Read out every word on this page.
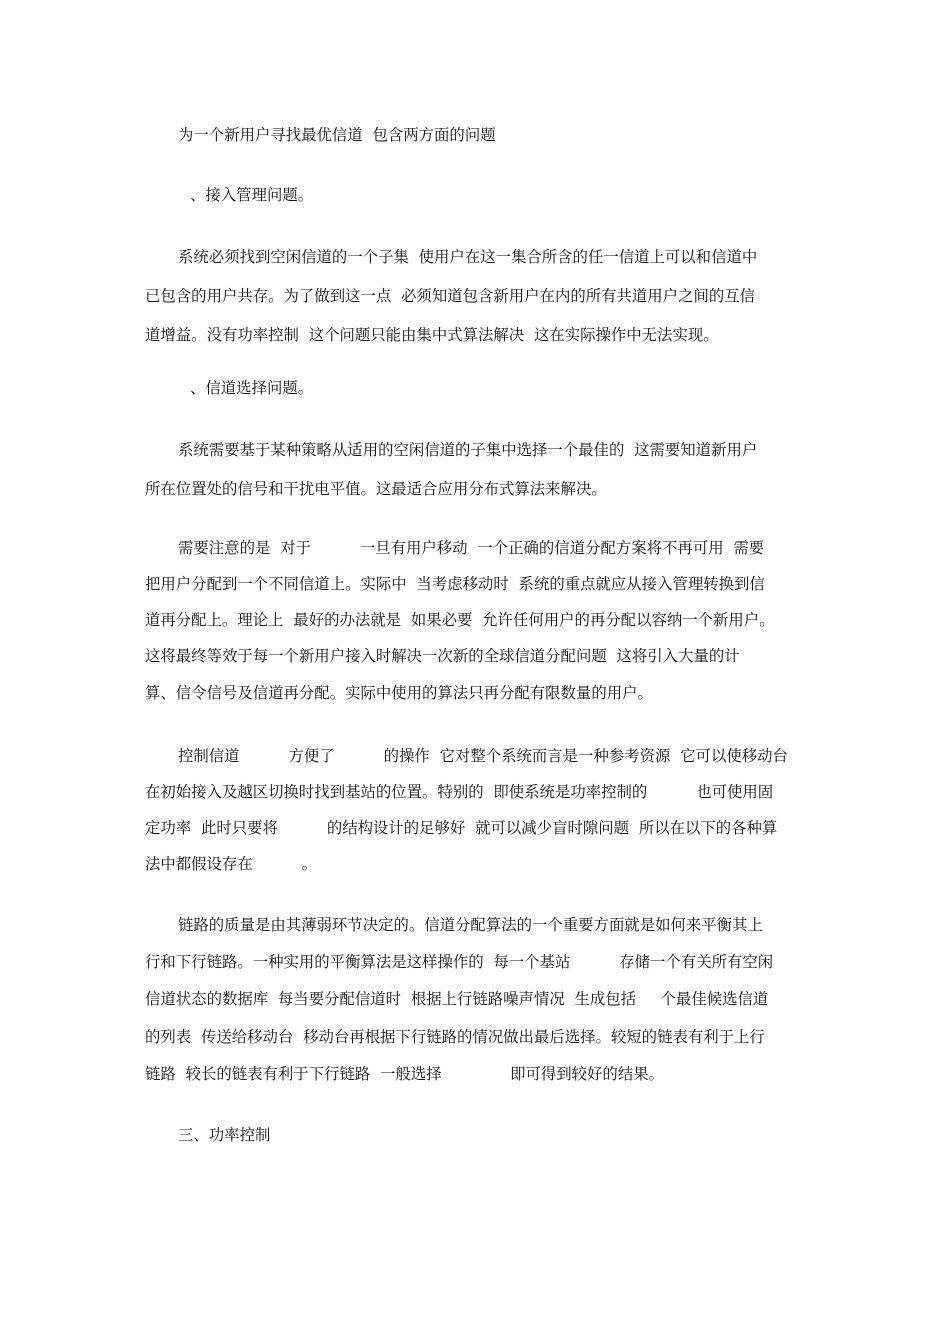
为一个新用户寻找最优信道  包含两方面的问题
、接入管理问题。
系统必须找到空闲信道的一个子集  使用户在这一集合所含的任一信道上可以和信道中
已包含的用户共存。为了做到这一点  必须知道包含新用户在内的所有共道用户之间的互信
道增益。没有功率控制  这个问题只能由集中式算法解决  这在实际操作中无法实现。
、信道选择问题。
系统需要基于某种策略从适用的空闲信道的子集中选择一个最佳的  这需要知道新用户
所在位置处的信号和干扰电平值。这最适合应用分布式算法来解决。
需要注意的是  对于          一旦有用户移动  一个正确的信道分配方案将不再可用  需要
把用户分配到一个不同信道上。实际中  当考虑移动时  系统的重点就应从接入管理转换到信
道再分配上。理论上  最好的办法就是  如果必要  允许任何用户的再分配以容纳一个新用户。
这将最终等效于每一个新用户接入时解决一次新的全球信道分配问题  这将引入大量的计
算、信令信号及信道再分配。实际中使用的算法只再分配有限数量的用户。
控制信道          方便了          的操作  它对整个系统而言是一种参考资源  它可以使移动台
在初始接入及越区切换时找到基站的位置。特别的  即使系统是功率控制的          也可使用固
定功率  此时只要将          的结构设计的足够好  就可以减少盲时隙问题  所以在以下的各种算
法中都假设存在          。
链路的质量是由其薄弱环节决定的。信道分配算法的一个重要方面就是如何来平衡其上
行和下行链路。一种实用的平衡算法是这样操作的  每一个基站          存储一个有关所有空闲
信道状态的数据库  每当要分配信道时  根据上行链路噪声情况  生成包括     个最佳候选信道
的列表  传送给移动台  移动台再根据下行链路的情况做出最后选择。较短的链表有利于上行
链路  较长的链表有利于下行链路  一般选择              即可得到较好的结果。
三、功率控制
